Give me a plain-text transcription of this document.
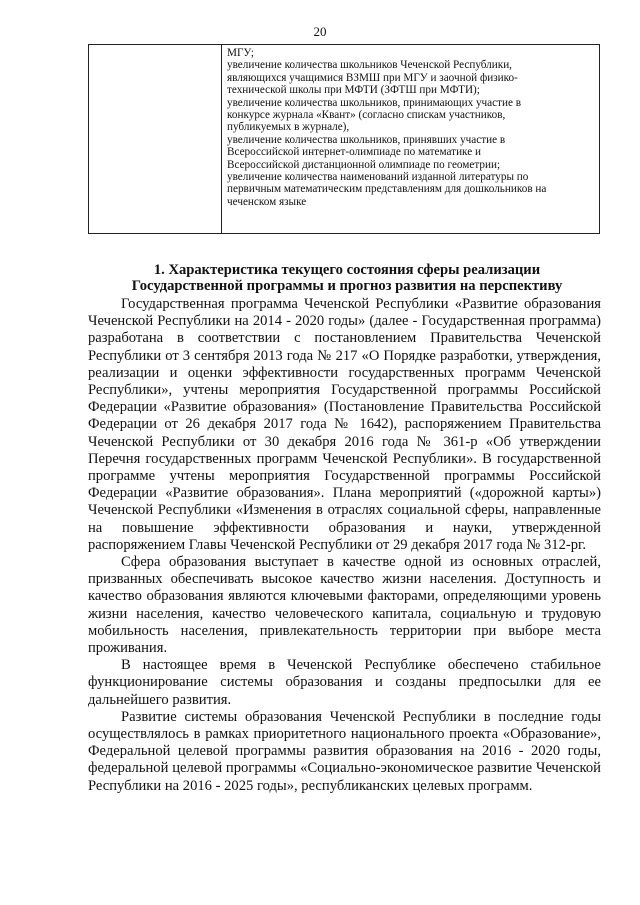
20
МГУ;
увеличение количества школьников Чеченской Республики,
являющихся учащимися ВЗМШ при МГУ и заочной физико-
технической школы при МФТИ (ЗФТШ при МФТИ);
увеличение количества школьников, принимающих участие в
конкурсе журнала «Квант» (согласно спискам участников,
публикуемых в журнале),
увеличение количества школьников, принявших участие в
Всероссийской интернет-олимпиаде по математике и
Всероссийской дистанционной олимпиаде по геометрии;
увеличение количества наименований изданной литературы по
первичным математическим представлениям для дошкольников на
чеченском языке
1. Характеристика текущего состояния сферы реализации
Государственной программы и прогноз развития на перспективу

Государственная программа Чеченской Республики «Развитие образования Чеченской Республики на 2014 - 2020 годы» (далее - Государственная программа) разработана в соответствии с постановлением Правительства Чеченской Республики от 3 сентября 2013 года № 217 «О Порядке разработки, утверждения, реализации и оценки эффективности государственных программ Чеченской Республики», учтены мероприятия Государственной программы Российской Федерации «Развитие образования» (Постановление Правительства Российской Федерации от 26 декабря 2017 года № 1642), распоряжением Правительства Чеченской Республики от 30 декабря 2016 года № 361-р «Об утверждении Перечня государственных программ Чеченской Республики». В государственной программе учтены мероприятия Государственной программы Российской Федерации «Развитие образования». Плана мероприятий («дорожной карты») Чеченской Республики «Изменения в отраслях социальной сферы, направленные на повышение эффективности образования и науки, утвержденной распоряжением Главы Чеченской Республики от 29 декабря 2017 года № 312-рг.

Сфера образования выступает в качестве одной из основных отраслей, призванных обеспечивать высокое качество жизни населения. Доступность и качество образования являются ключевыми факторами, определяющими уровень жизни населения, качество человеческого капитала, социальную и трудовую мобильность населения, привлекательность территории при выборе места проживания.

В настоящее время в Чеченской Республике обеспечено стабильное функционирование системы образования и созданы предпосылки для ее дальнейшего развития.

Развитие системы образования Чеченской Республики в последние годы осуществлялось в рамках приоритетного национального проекта «Образование», Федеральной целевой программы развития образования на 2016 - 2020 годы, федеральной целевой программы «Социально-экономическое развитие Чеченской Республики на 2016 - 2025 годы», республиканских целевых программ.
